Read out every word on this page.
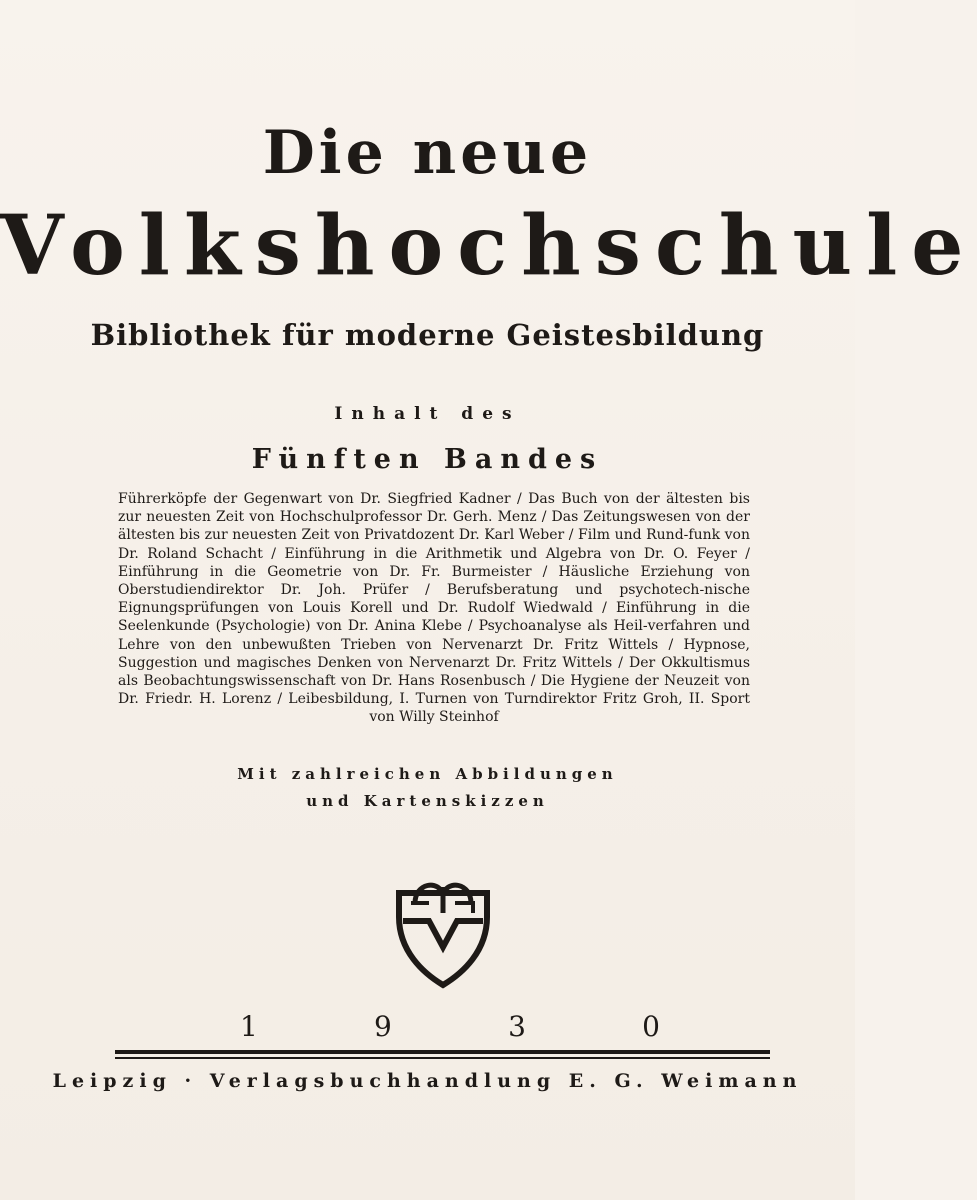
Die neue
Volkshochschule
Bibliothek für moderne Geistesbildung
Inhalt des
Fünften Bandes
Führerköpfe der Gegenwart von Dr. Siegfried Kadner / Das Buch von der ältesten bis zur neuesten Zeit von Hochschulprofessor Dr. Gerh. Menz / Das Zeitungswesen von der ältesten bis zur neuesten Zeit von Privatdozent Dr. Karl Weber / Film und Rund-funk von Dr. Roland Schacht / Einführung in die Arithmetik und Algebra von Dr. O. Feyer / Einführung in die Geometrie von Dr. Fr. Burmeister / Häusliche Erziehung von Oberstudiendirektor Dr. Joh. Prüfer / Berufsberatung und psychotech-nische Eignungsprüfungen von Louis Korell und Dr. Rudolf Wiedwald / Einführung in die Seelenkunde (Psychologie) von Dr. Anina Klebe / Psychoanalyse als Heil-verfahren und Lehre von den unbewußten Trieben von Nervenarzt Dr. Fritz Wittels / Hypnose, Suggestion und magisches Denken von Nervenarzt Dr. Fritz Wittels / Der Okkultismus als Beobachtungswissenschaft von Dr. Hans Rosenbusch / Die Hygiene der Neuzeit von Dr. Friedr. H. Lorenz / Leibesbildung, I. Turnen von Turndirektor Fritz Groh, II. Sport von Willy Steinhof
Mit zahlreichen Abbildungen
und Kartenskizzen
1	9	3	0
Leipzig · Verlagsbuchhandlung E. G. Weimann
